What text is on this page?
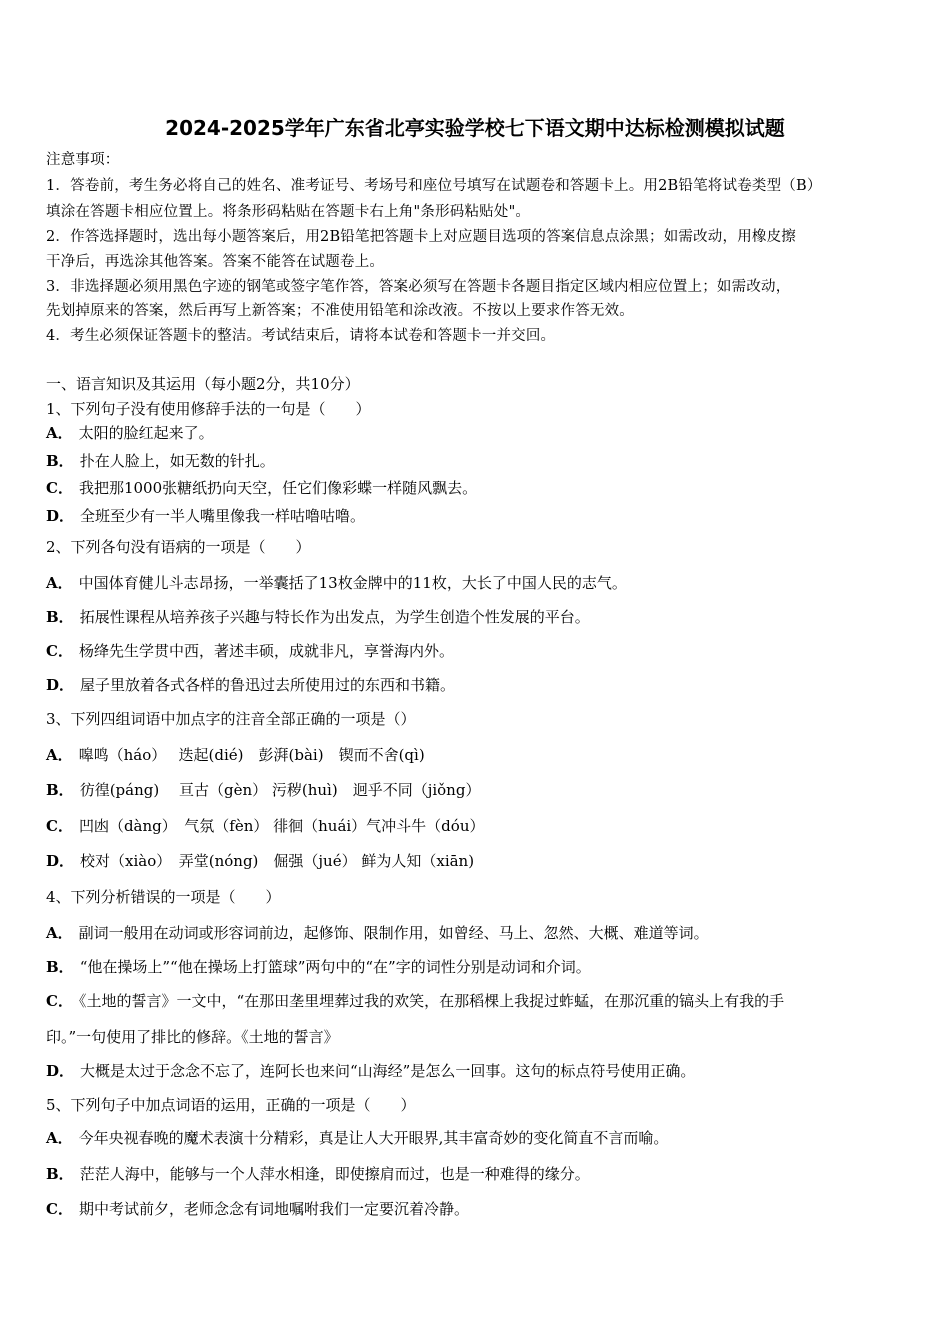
2024-2025学年广东省北亭实验学校七下语文期中达标检测模拟试题
注意事项：
1．答卷前，考生务必将自己的姓名、准考证号、考场号和座位号填写在试题卷和答题卡上。用2B铅笔将试卷类型（B）
填涂在答题卡相应位置上。将条形码粘贴在答题卡右上角"条形码粘贴处"。
2．作答选择题时，选出每小题答案后，用2B铅笔把答题卡上对应题目选项的答案信息点涂黑；如需改动，用橡皮擦
干净后，再选涂其他答案。答案不能答在试题卷上。
3．非选择题必须用黑色字迹的钢笔或签字笔作答，答案必须写在答题卡各题目指定区域内相应位置上；如需改动，
先划掉原来的答案，然后再写上新答案；不准使用铅笔和涂改液。不按以上要求作答无效。
4．考生必须保证答题卡的整洁。考试结束后，请将本试卷和答题卡一并交回。
一、语言知识及其运用（每小题2分，共10分）
1、下列句子没有使用修辞手法的一句是（　　）
A． 太阳的脸红起来了。
B． 扑在人脸上，如无数的针扎。
C． 我把那1000张糖纸扔向天空，任它们像彩蝶一样随风飘去。
D． 全班至少有一半人嘴里像我一样咕噜咕噜。
2、下列各句没有语病的一项是（　　）
A． 中国体育健儿斗志昂扬，一举囊括了13枚金牌中的11枚，大长了中国人民的志气。
B． 拓展性课程从培养孩子兴趣与特长作为出发点，为学生创造个性发展的平台。
C． 杨绛先生学贯中西，著述丰硕，成就非凡，享誉海内外。
D． 屋子里放着各式各样的鲁迅过去所使用过的东西和书籍。
3、下列四组词语中加点字的注音全部正确的一项是（）
A． 嗥鸣（háo）　 迭起(dié)　彭湃(bài)　锲而不舍(qì)
B． 彷徨(páng)　 亘古（gèn） 污秽(huì)　迥乎不同（jiǒng）
C． 凹凼（dàng）　气氛（fèn） 徘徊（huái）气冲斗牛（dóu）
D． 校对（xiào）　弄堂(nóng)　倔强（jué） 鲜为人知（xiān)
4、下列分析错误的一项是（　　）
A． 副词一般用在动词或形容词前边，起修饰、限制作用，如曾经、马上、忽然、大概、难道等词。
B． “他在操场上”“他在操场上打篮球”两句中的“在”字的词性分别是动词和介词。
C． 《土地的誓言》一文中，“在那田垄里埋葬过我的欢笑，在那稻棵上我捉过蚱蜢，在那沉重的镐头上有我的手
印。”一句使用了排比的修辞。《土地的誓言》
D． 大概是太过于念念不忘了，连阿长也来问“山海经”是怎么一回事。这句的标点符号使用正确。
5、下列句子中加点词语的运用，正确的一项是（　　）
A． 今年央视春晚的魔术表演十分精彩，真是让人大开眼界,其丰富奇妙的变化简直不言而喻。
B． 茫茫人海中，能够与一个人萍水相逢，即使擦肩而过，也是一种难得的缘分。
C． 期中考试前夕，老师念念有词地嘱咐我们一定要沉着冷静。
